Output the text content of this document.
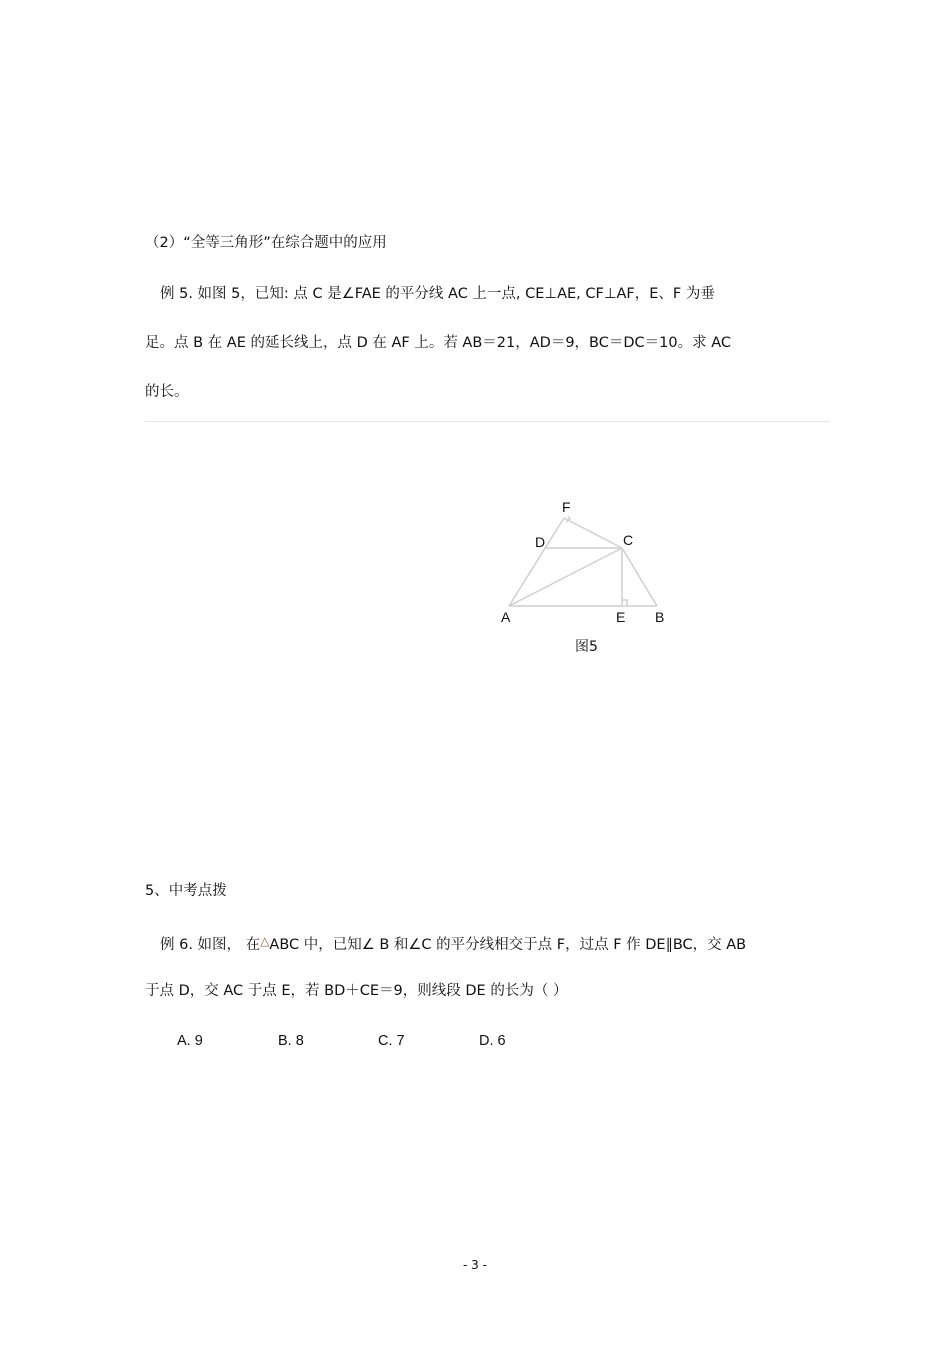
（2）“全等三角形”在综合题中的应用
例 5. 如图 5，已知: 点 C 是∠FAE 的平分线 AC 上一点, CE⊥AE, CF⊥AF，E、F 为垂
足。点 B 在 AE 的延长线上，点 D 在 AF 上。若 AB＝21，AD＝9，BC＝DC＝10。求 AC
的长。
F
D	C
A	E B
图5
5、中考点拨
例 6. 如图， 在△ABC 中，已知∠ B 和∠C 的平分线相交于点 F，过点 F 作 DE∥BC，交 AB
于点 D，交 AC 于点 E，若 BD＋CE＝9，则线段 DE 的长为（ ）
A. 9	B. 8	C. 7	D. 6
- 3 -
